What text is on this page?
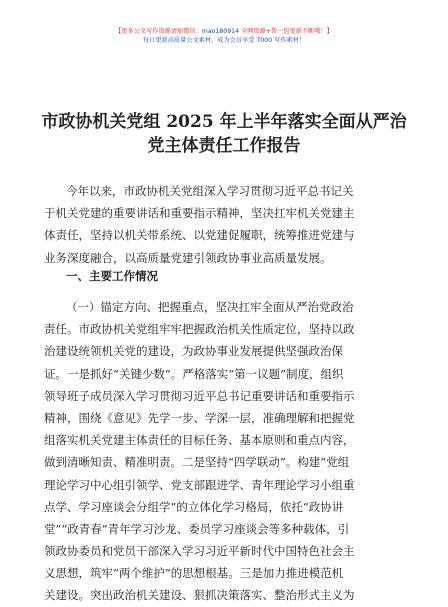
【更多公文写作资源请加微信：mao180914 全网资源+帮一包更新不断哦！】
每日更新高质量公文素材，成为会员享受 7000 写作素材！
市政协机关党组 2025 年上半年落实全面从严治
党主体责任工作报告
今年以来，市政协机关党组深入学习贯彻习近平总书记关
于机关党建的重要讲话和重要指示精神，坚决扛牢机关党建主
体责任，坚持以机关带系统、以党建促履职，统筹推进党建与
业务深度融合，以高质量党建引领政协事业高质量发展。
一、主要工作情况
（一）锚定方向、把握重点，坚决扛牢全面从严治党政治
责任。市政协机关党组牢牢把握政治机关性质定位，坚持以政
治建设统领机关党的建设，为政协事业发展提供坚强政治保
证。一是抓好“关键少数”。严格落实“第一议题”制度，组织
领导班子成员深入学习贯彻习近平总书记重要讲话和重要指示
精神，围绕《意见》先学一步、学深一层，准确理解和把握党
组落实机关党建主体责任的目标任务、基本原则和重点内容，
做到清晰知责、精准明责。二是坚持“四学联动”。构建“党组
理论学习中心组引领学、党支部跟进学、青年理论学习小组重
点学、学习座谈会分组学”的立体化学习格局，依托“政协讲
堂”“政青春”青年学习沙龙、委员学习座谈会等多种载体，引
领政协委员和党员干部深入学习习近平新时代中国特色社会主
义思想，筑牢“两个维护”的思想根基。三是加力推进模范机
关建设。突出政治机关建设、狠抓决策落实、整治形式主义为
